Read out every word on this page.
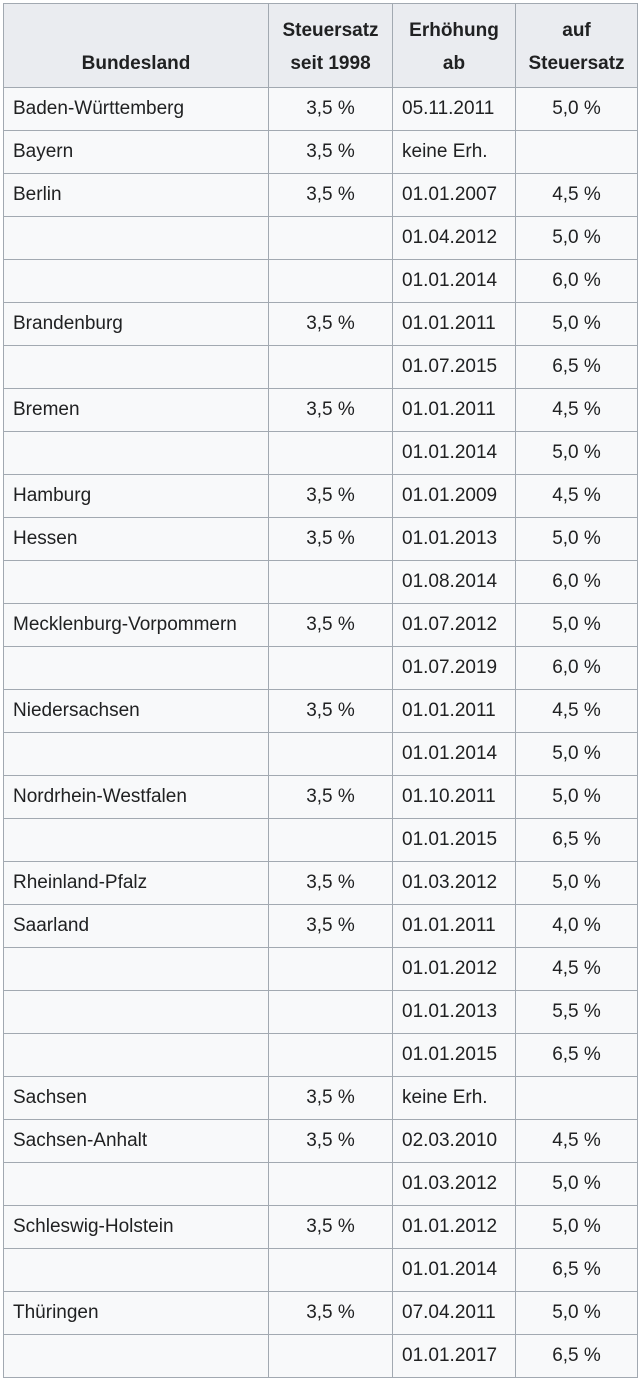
Bundesland	Steuersatz seit 1998	Erhöhung ab	auf Steuersatz
Baden-Württemberg	3,5 %	05.11.2011	5,0 %
Bayern	3,5 %	keine Erh.	
Berlin	3,5 %	01.01.2007	4,5 %
		01.04.2012	5,0 %
		01.01.2014	6,0 %
Brandenburg	3,5 %	01.01.2011	5,0 %
		01.07.2015	6,5 %
Bremen	3,5 %	01.01.2011	4,5 %
		01.01.2014	5,0 %
Hamburg	3,5 %	01.01.2009	4,5 %
Hessen	3,5 %	01.01.2013	5,0 %
		01.08.2014	6,0 %
Mecklenburg-Vorpommern	3,5 %	01.07.2012	5,0 %
		01.07.2019	6,0 %
Niedersachsen	3,5 %	01.01.2011	4,5 %
		01.01.2014	5,0 %
Nordrhein-Westfalen	3,5 %	01.10.2011	5,0 %
		01.01.2015	6,5 %
Rheinland-Pfalz	3,5 %	01.03.2012	5,0 %
Saarland	3,5 %	01.01.2011	4,0 %
		01.01.2012	4,5 %
		01.01.2013	5,5 %
		01.01.2015	6,5 %
Sachsen	3,5 %	keine Erh.	
Sachsen-Anhalt	3,5 %	02.03.2010	4,5 %
		01.03.2012	5,0 %
Schleswig-Holstein	3,5 %	01.01.2012	5,0 %
		01.01.2014	6,5 %
Thüringen	3,5 %	07.04.2011	5,0 %
		01.01.2017	6,5 %
